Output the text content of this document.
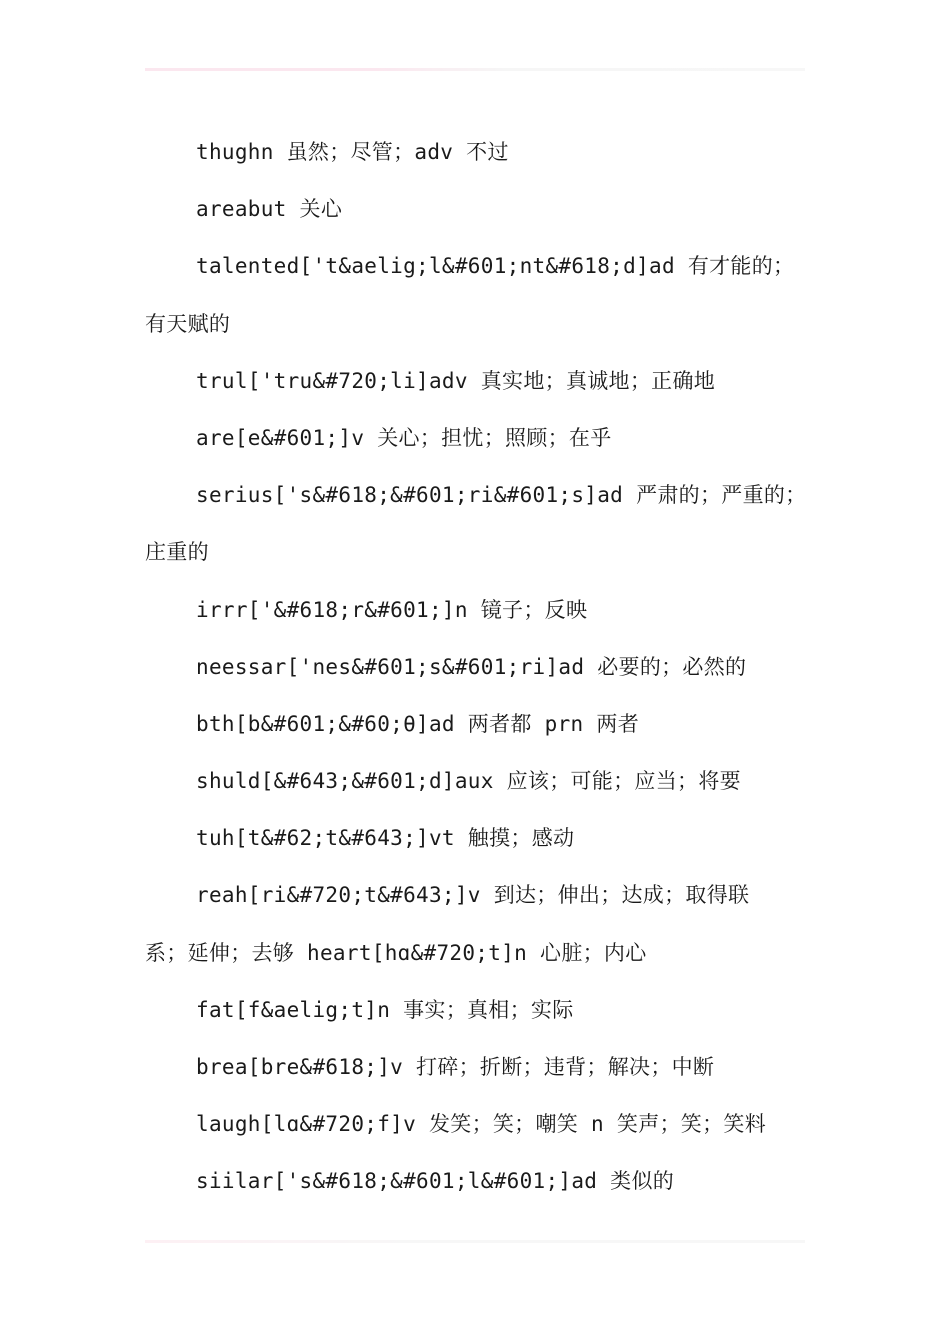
thughn 虽然；尽管；adv 不过
areabut 关心
talented['t&aelig;l&#601;nt&#618;d]ad 有才能的；
有天赋的
trul['tru&#720;li]adv 真实地；真诚地；正确地
are[e&#601;]v 关心；担忧；照顾；在乎
serius['s&#618;&#601;ri&#601;s]ad 严肃的；严重的；
庄重的
irrr['&#618;r&#601;]n 镜子；反映
neessar['nes&#601;s&#601;ri]ad 必要的；必然的
bth[b&#601;&#60;θ]ad 两者都 prn 两者
shuld[&#643;&#601;d]aux 应该；可能；应当；将要
tuh[t&#62;t&#643;]vt 触摸；感动
reah[ri&#720;t&#643;]v 到达；伸出；达成；取得联
系；延伸；去够 heart[hɑ&#720;t]n 心脏；内心
fat[f&aelig;t]n 事实；真相；实际
brea[bre&#618;]v 打碎；折断；违背；解决；中断
laugh[lɑ&#720;f]v 发笑；笑；嘲笑 n 笑声；笑；笑料
siilar['s&#618;&#601;l&#601;]ad 类似的
